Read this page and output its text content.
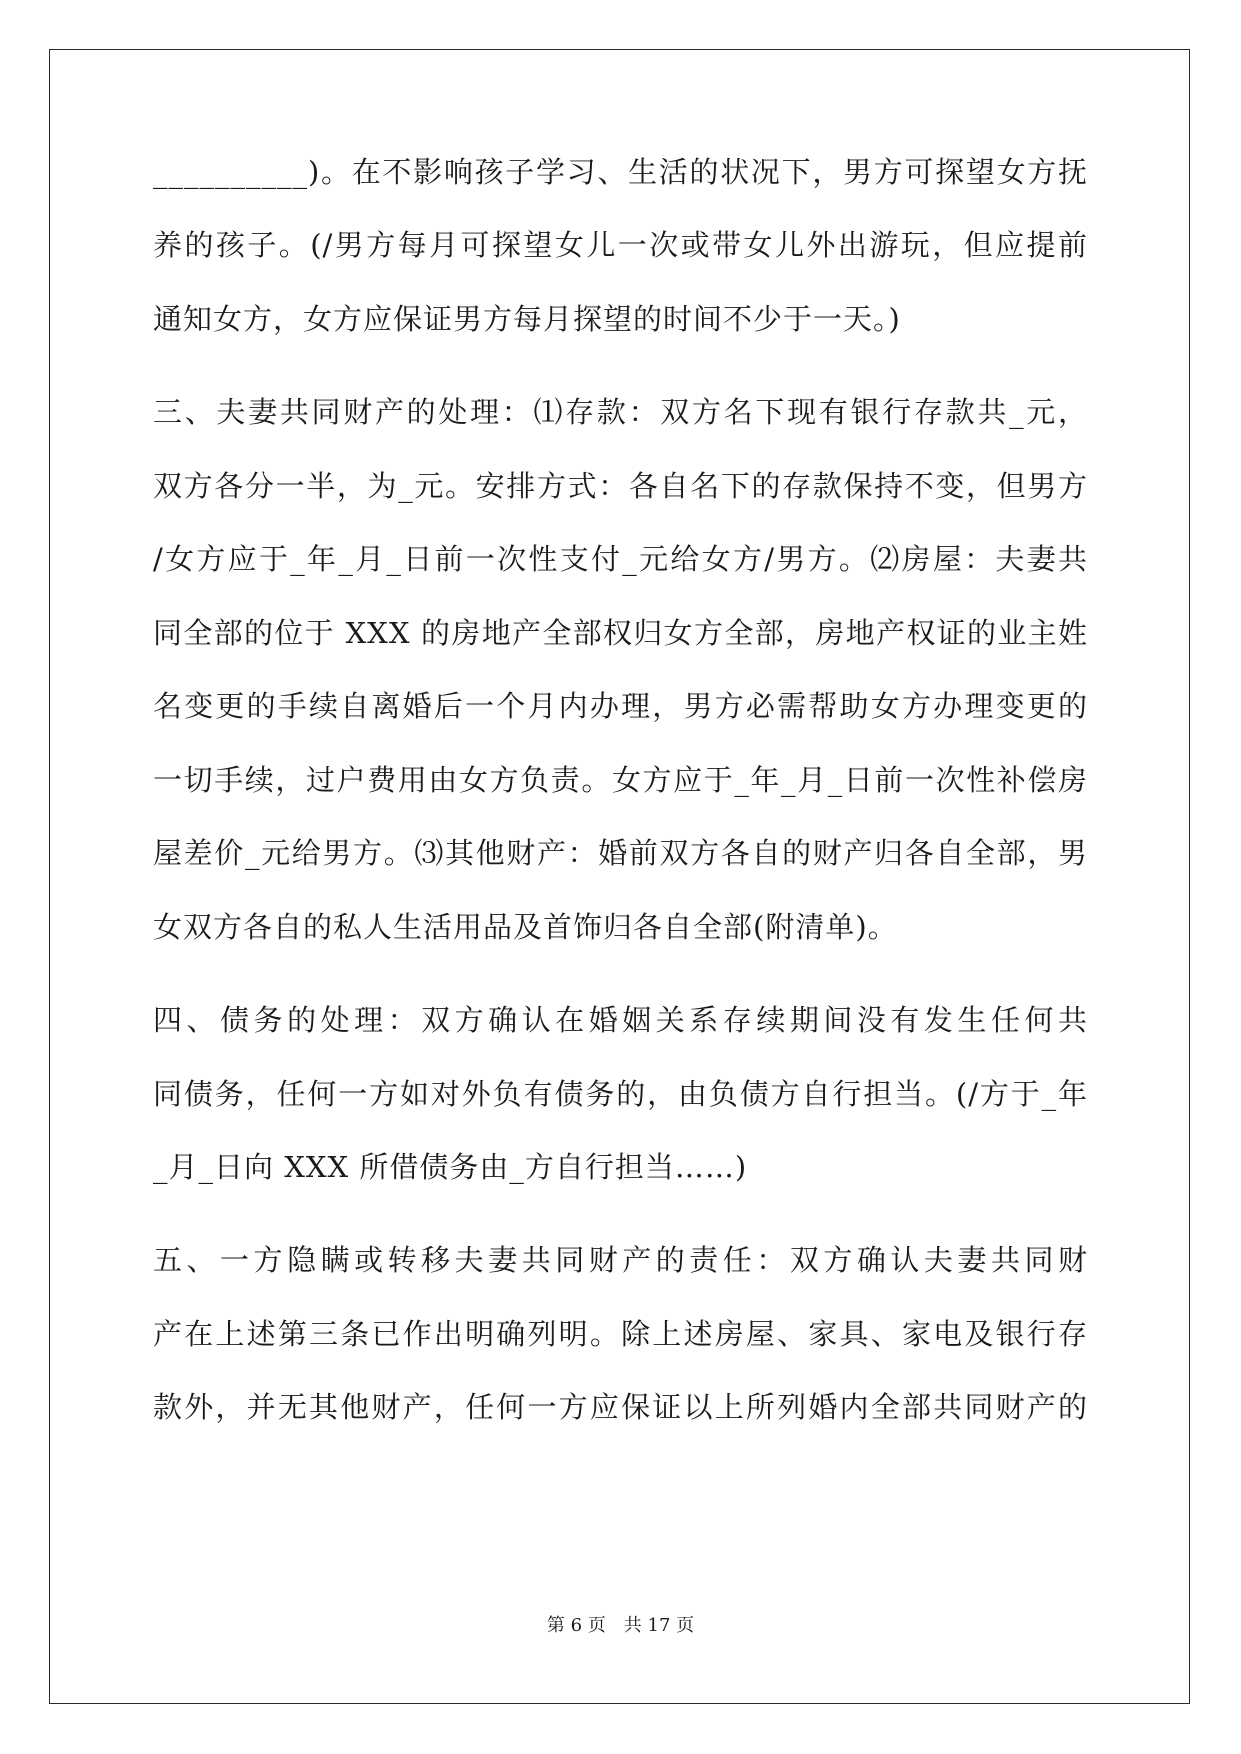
__________)。在不影响孩子学习、生活的状况下，男方可探望女方抚
养的孩子。(/男方每月可探望女儿一次或带女儿外出游玩，但应提前
通知女方，女方应保证男方每月探望的时间不少于一天。)
三、夫妻共同财产的处理：⑴存款：双方名下现有银行存款共_元，
双方各分一半，为_元。安排方式：各自名下的存款保持不变，但男方
/女方应于_年_月_日前一次性支付_元给女方/男方。⑵房屋：夫妻共
同全部的位于 XXX 的房地产全部权归女方全部，房地产权证的业主姓
名变更的手续自离婚后一个月内办理，男方必需帮助女方办理变更的
一切手续，过户费用由女方负责。女方应于_年_月_日前一次性补偿房
屋差价_元给男方。⑶其他财产：婚前双方各自的财产归各自全部，男
女双方各自的私人生活用品及首饰归各自全部(附清单)。
四、债务的处理：双方确认在婚姻关系存续期间没有发生任何共
同债务，任何一方如对外负有债务的，由负债方自行担当。(/方于_年
_月_日向 XXX 所借债务由_方自行担当……)
五、一方隐瞒或转移夫妻共同财产的责任：双方确认夫妻共同财
产在上述第三条已作出明确列明。除上述房屋、家具、家电及银行存
款外，并无其他财产，任何一方应保证以上所列婚内全部共同财产的
第 6 页 共 17 页
